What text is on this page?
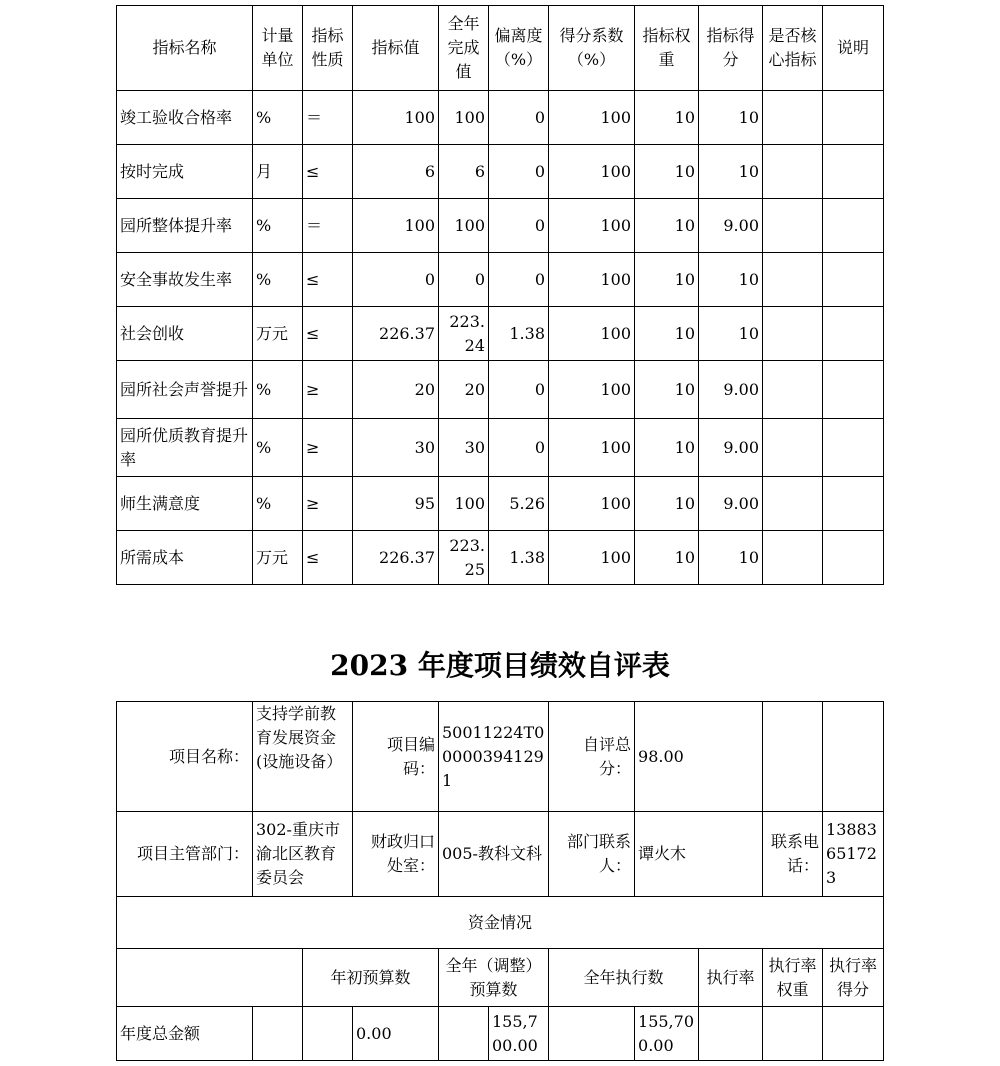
指标名称	计量单位	指标性质	指标值	全年完成值	偏离度（%）	得分系数（%）	指标权重	指标得分	是否核心指标	说明
竣工验收合格率	%	＝	100	100	0	100	10	10		
按时完成	月	≤	6	6	0	100	10	10		
园所整体提升率	%	＝	100	100	0	100	10	9.00		
安全事故发生率	%	≤	0	0	0	100	10	10		
社会创收	万元	≤	226.37	223.24	1.38	100	10	10		
园所社会声誉提升	%	≥	20	20	0	100	10	9.00		
园所优质教育提升率	%	≥	30	30	0	100	10	9.00		
师生满意度	%	≥	95	100	5.26	100	10	9.00		
所需成本	万元	≤	226.37	223.25	1.38	100	10	10		
2023 年度项目绩效自评表
项目名称：	支持学前教育发展资金(设施设备）		项目编码：	50011224T000003941291		自评总分：	98.00			
项目主管部门：	302-重庆市渝北区教育委员会		财政归口处室：	005-教科文科		部门联系人：	谭火木		联系电话：	13883651723
资金情况										
		年初预算数		全年（调整）预算数		全年执行数		执行率	执行率权重	执行率得分
年度总金额			0.00		155,700.00		155,700.00			
